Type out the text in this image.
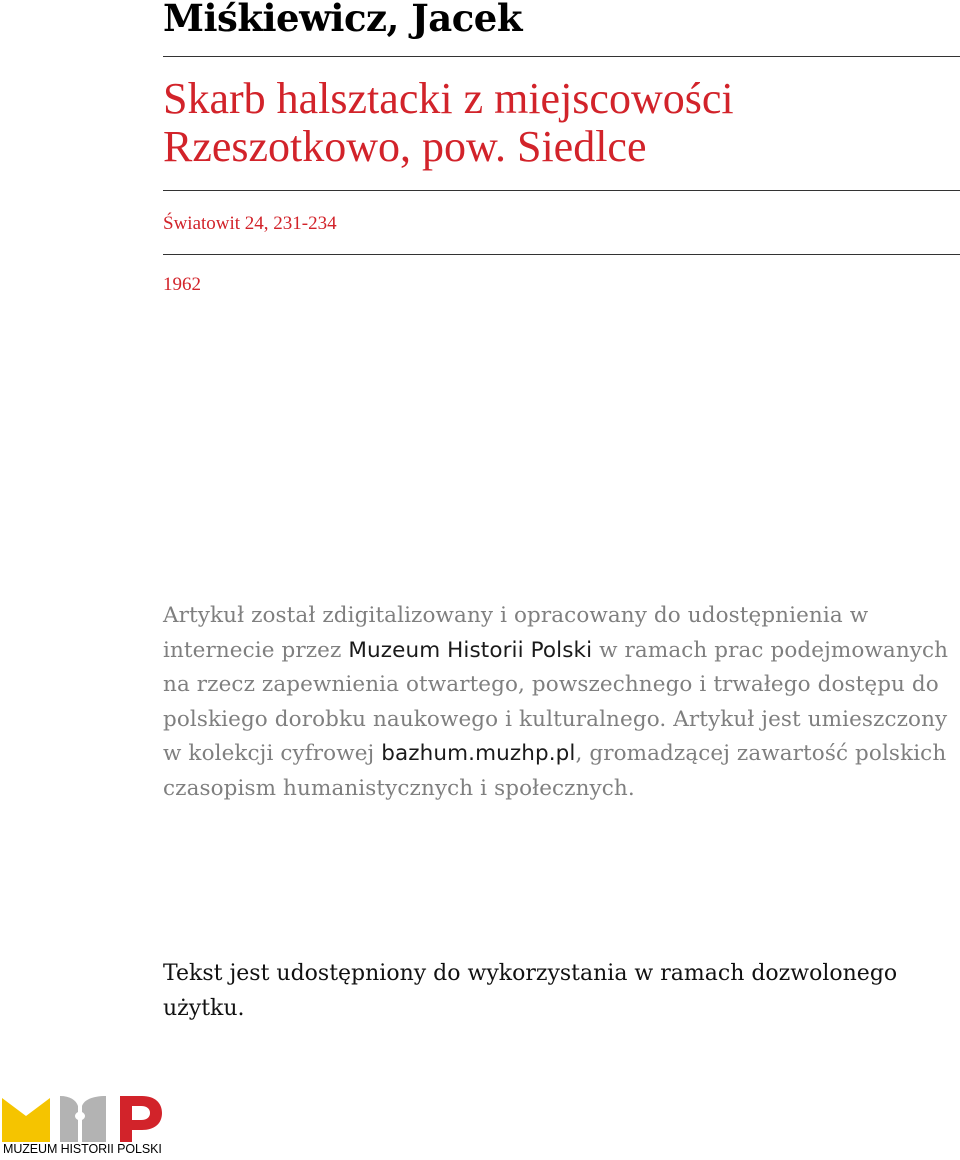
Miśkiewicz, Jacek
Skarb halsztacki z miejscowości
Rzeszotkowo, pow. Siedlce

Światowit 24, 231-234

1962

Artykuł został zdigitalizowany i opracowany do udostępnienia w internecie przez Muzeum Historii Polski w ramach prac podejmowanych na rzecz zapewnienia otwartego, powszechnego i trwałego dostępu do polskiego dorobku naukowego i kulturalnego. Artykuł jest umieszczony w kolekcji cyfrowej bazhum.muzhp.pl, gromadzącej zawartość polskich czasopism humanistycznych i społecznych.

Tekst jest udostępniony do wykorzystania w ramach dozwolonego użytku.

MUZEUM HISTORII POLSKI
